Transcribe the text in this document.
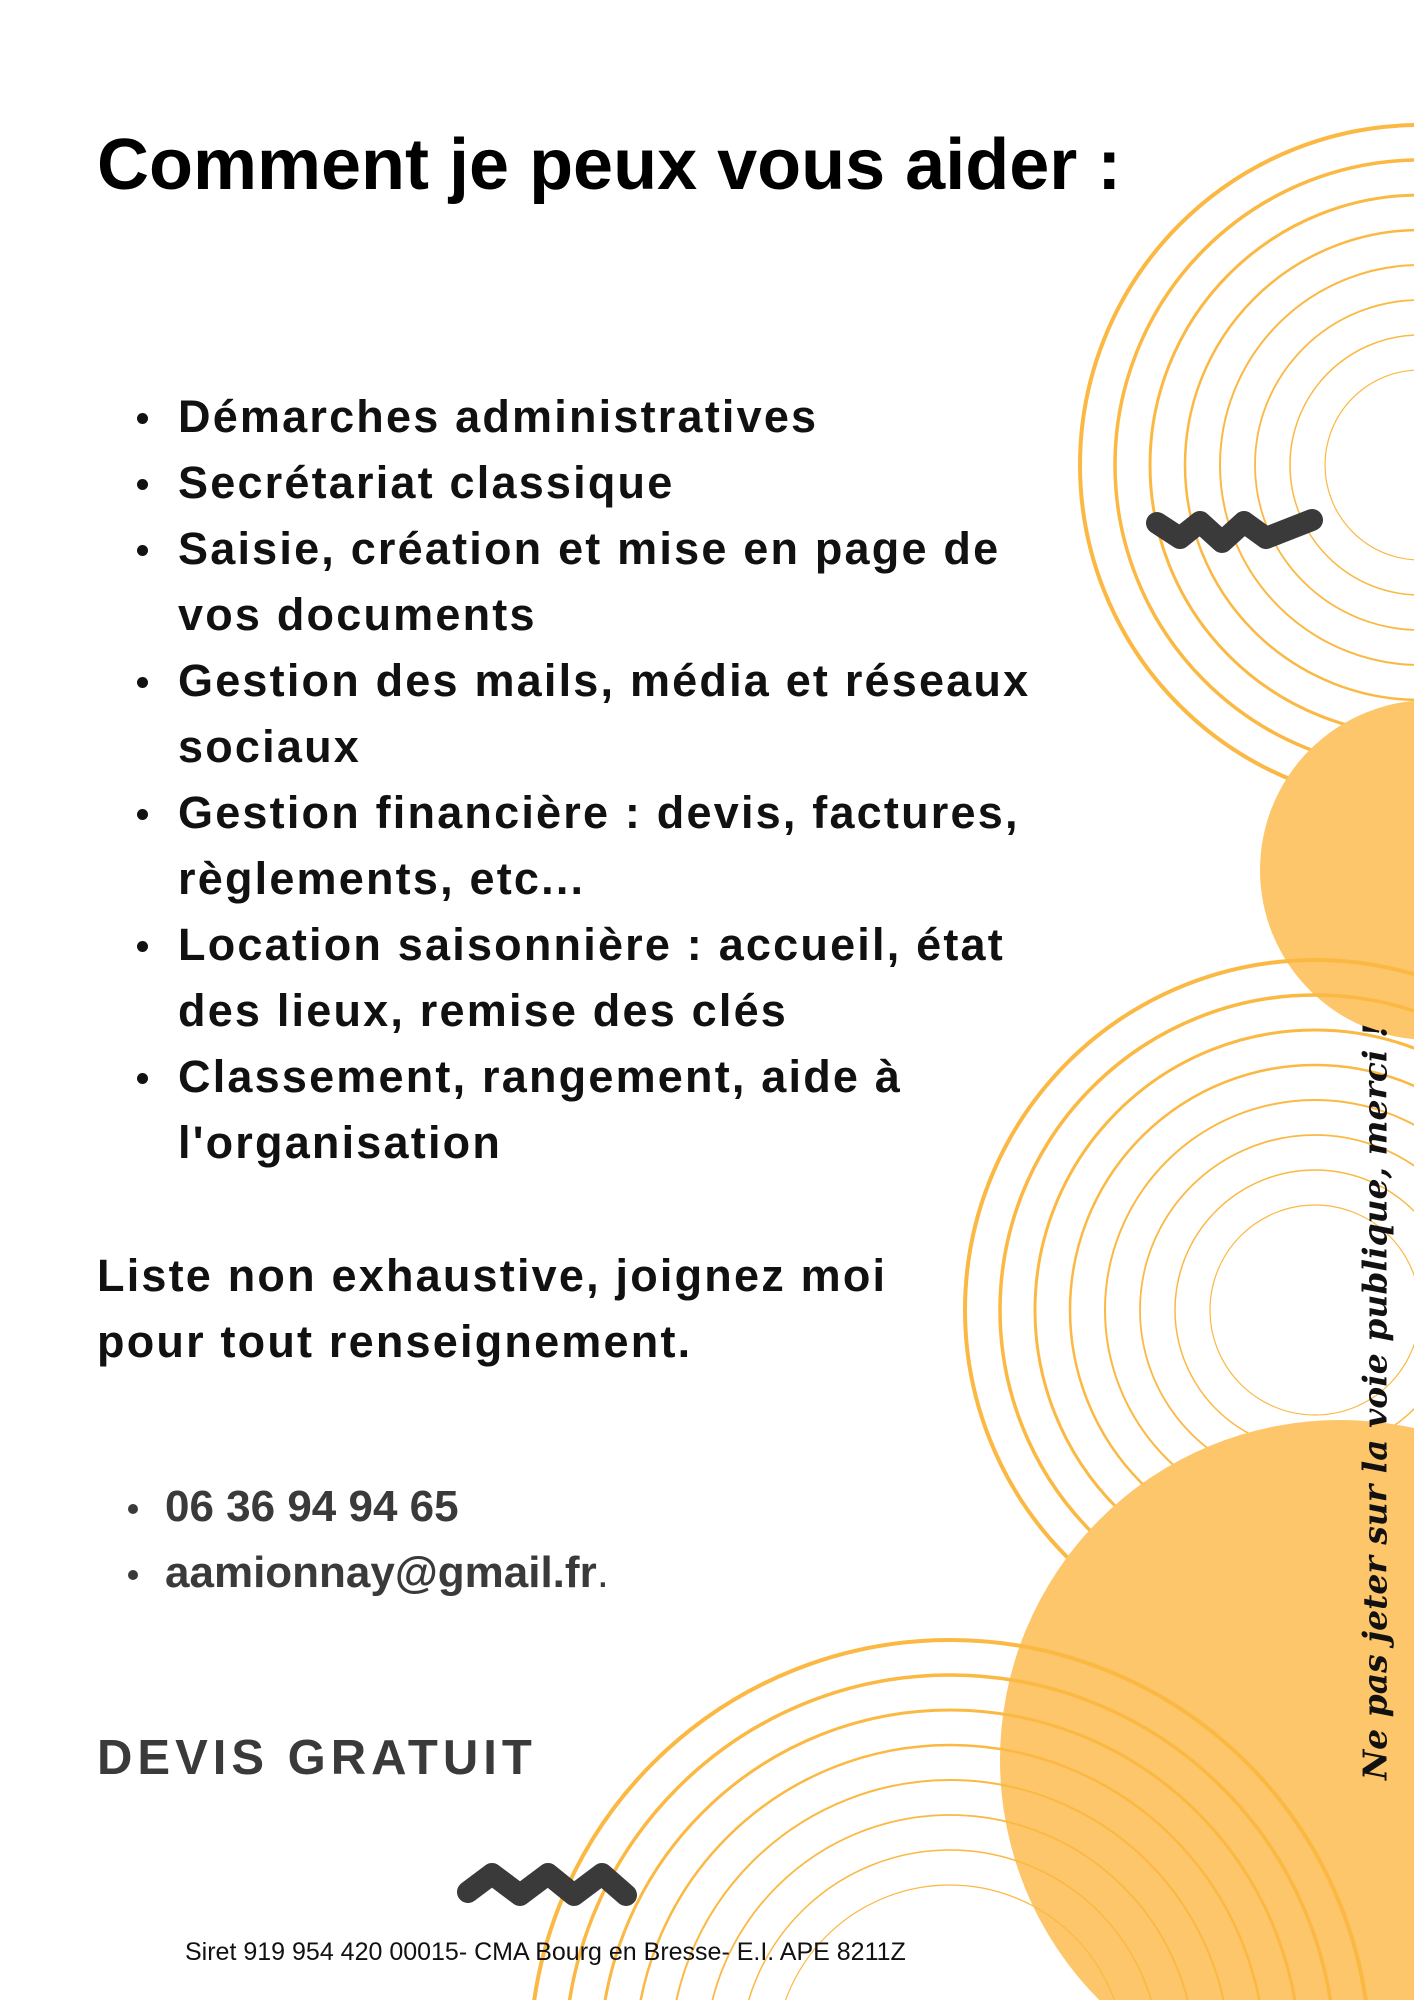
Comment je peux vous aider :
Démarches administratives
Secrétariat classique
Saisie, création et mise en page de vos documents
Gestion des mails, média et réseaux sociaux
Gestion financière : devis, factures, règlements, etc...
Location saisonnière : accueil, état des lieux, remise des clés
Classement, rangement, aide à l'organisation

Liste non exhaustive, joignez moi pour tout renseignement.

06 36 94 94 65
aamionnay@gmail.fr.

DEVIS GRATUIT	Ne pas jeter sur la voie publique, merci !

Siret 919 954 420 00015- CMA Bourg en Bresse- E.I. APE 8211Z
